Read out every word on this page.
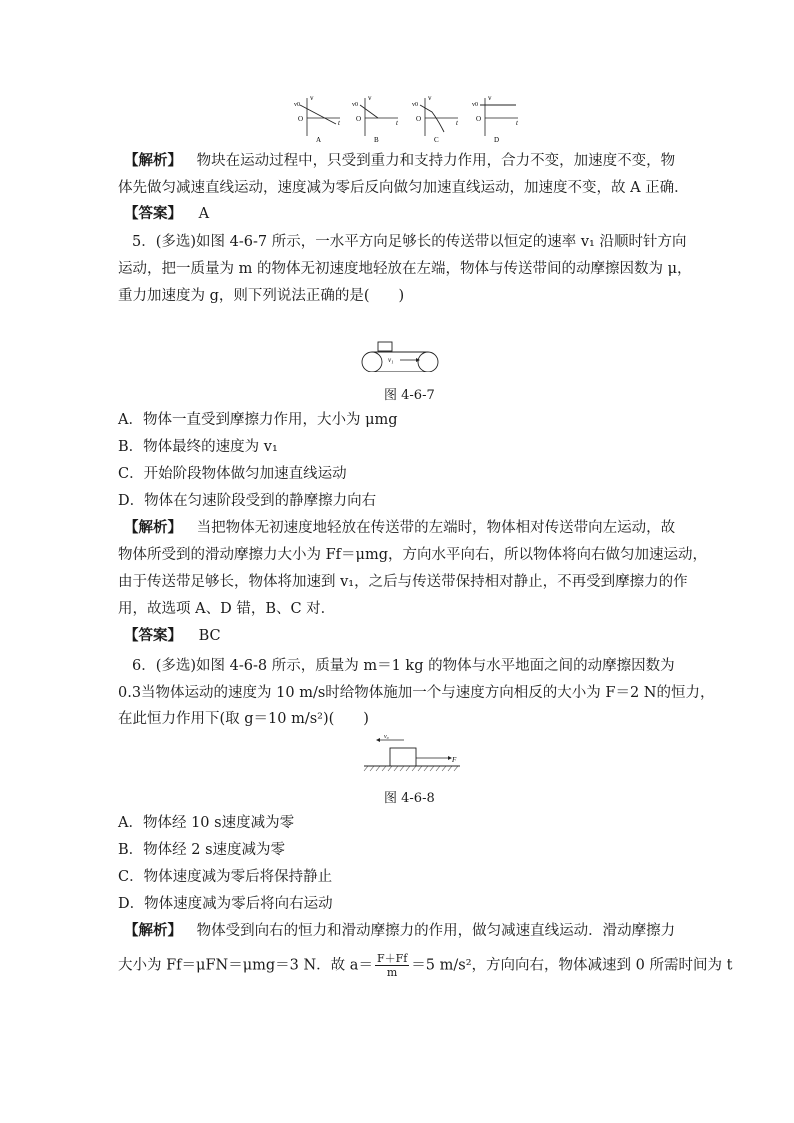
O
v
v0
t
A
O
v
v0
t
B
O
v
v0
t
C
O
v
v0
t
D
【解析】 物块在运动过程中，只受到重力和支持力作用，合力不变，加速度不变，物
体先做匀减速直线运动，速度减为零后反向做匀加速直线运动，加速度不变，故 A 正确．
【答案】 A
5．(多选)如图 4-6-7 所示，一水平方向足够长的传送带以恒定的速率 v₁ 沿顺时针方向
运动，把一质量为 m 的物体无初速度地轻放在左端，物体与传送带间的动摩擦因数为 μ，
重力加速度为 g，则下列说法正确的是(　　)
v₁
图 4-6-7
A．物体一直受到摩擦力作用，大小为 μmg
B．物体最终的速度为 v₁
C．开始阶段物体做匀加速直线运动
D．物体在匀速阶段受到的静摩擦力向右
【解析】 当把物体无初速度地轻放在传送带的左端时，物体相对传送带向左运动，故
物体所受到的滑动摩擦力大小为 Ff＝μmg，方向水平向右，所以物体将向右做匀加速运动，
由于传送带足够长，物体将加速到 v₁，之后与传送带保持相对静止，不再受到摩擦力的作
用，故选项 A、D 错，B、C 对．
【答案】 BC
6．(多选)如图 4-6-8 所示，质量为 m＝1 kg 的物体与水平地面之间的动摩擦因数为
0.3当物体运动的速度为 10 m/s时给物体施加一个与速度方向相反的大小为 F＝2 N的恒力，
在此恒力作用下(取 g＝10 m/s²)(　　)
v₀
F
图 4-6-8
A．物体经 10 s速度减为零
B．物体经 2 s速度减为零
C．物体速度减为零后将保持静止
D．物体速度减为零后将向右运动
【解析】 物体受到向右的恒力和滑动摩擦力的作用，做匀减速直线运动．滑动摩擦力
大小为 Ff＝μFN＝μmg＝3 N．故 $a= \frac{F+Ff}{m} =5$ m/s²，方向向右，物体减速到 0 所需时间为 t
